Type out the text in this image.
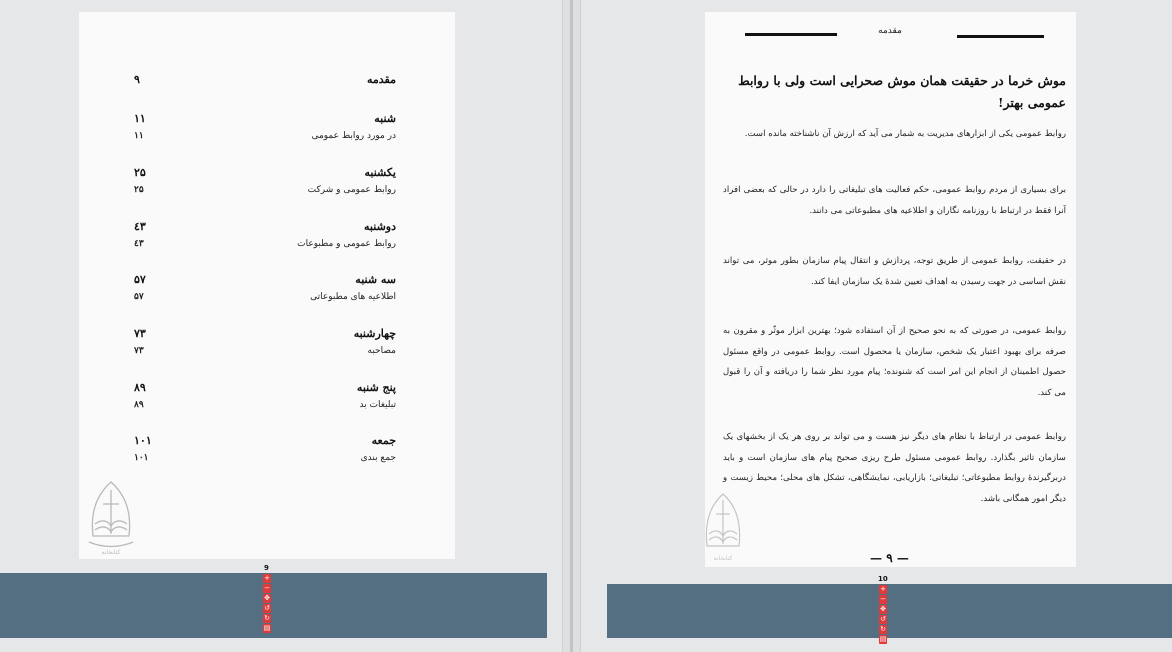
مقدمه
۹
شنبه
۱۱
در مورد روابط عمومی
۱۱
یکشنبه
۲۵
روابط عمومی و شرکت
۲۵
دوشنبه
٤٣
روابط عمومی و مطبوعات
٤٣
سه شنبه
۵۷
اطلاعیه های مطبوعاتی
۵۷
چهارشنبه
۷۳
مصاحبه
۷۳
پنج شنبه
۸۹
تبلیغات بد
۸۹
جمعه
۱۰۱
جمع بندی
۱۰۱
کتابخانه
9
+
−
✥
↺
↻
▤
مقدمه
موش خرما در حقیقت همان موش صحرایی است ولی با روابط عمومی بهتر!
روابط عمومی یکی از ابزارهای مدیریت به شمار می آید که ارزش آن ناشناخته مانده است.
برای بسیاری از مردم روابط عمومی، حکم فعالیت های تبلیغاتی را دارد در حالی که بعضی افراد آنرا فقط در ارتباط با روزنامه نگاران و اطلاعیه های مطبوعاتی می دانند.
در حقیقت، روابط عمومی از طریق توجه، پردازش و انتقال پیام سازمان بطور موثر، می تواند نقش اساسی در جهت رسیدن به اهداف تعیین شدهٔ یک سازمان ایفا کند.
روابط عمومی، در صورتی که به نحو صحیح از آن استفاده شود؛ بهترین ابزار موثّر و مقرون به صرفه برای بهبود اعتبار یک شخص، سازمان یا محصول است. روابط عمومی در واقع مسئول حصول اطمینان از انجام این امر است که شنونده؛ پیام مورد نظر شما را دریافته و آن را قبول می کند.
روابط عمومی در ارتباط با نظام های دیگر نیز هست و می تواند بر روی هر یک از بخشهای یک سازمان تاثیر بگذارد. روابط عمومی مسئول طرح ریزی صحیح پیام های سازمان است و باید دربرگیرندهٔ روابط مطبوعاتی؛ تبلیغاتی؛ بازاریابی، نمایشگاهی، تشکل های محلی؛ محیط زیست و دیگر امور همگانی باشد.
کتابخانه	— ۹ —
10
+
−
✥
↺
↻
▤
